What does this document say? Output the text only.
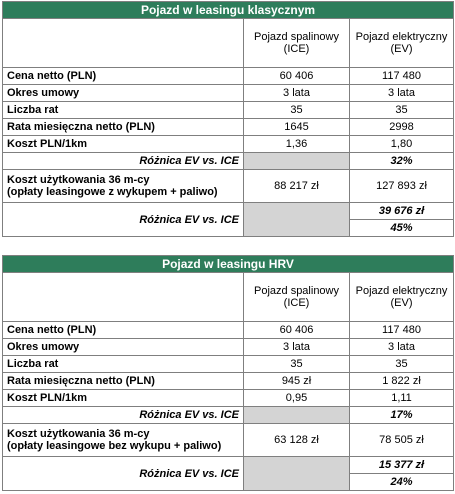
Pojazd w leasingu klasycznym		
	Pojazd spalinowy (ICE)	Pojazd elektryczny (EV)
Cena netto (PLN)	60 406	117 480
Okres umowy	3 lata	3 lata
Liczba rat	35	35
Rata miesięczna netto (PLN)	1645	2998
Koszt PLN/1km	1,36	1,80
Różnica EV vs. ICE		32%

Koszt użytkowania 36 m-cy
(opłaty leasingowe z wykupem + paliwo)	88 217 zł	127 893 zł
Różnica EV vs. ICE		39 676 zł
		45%
Pojazd w leasingu HRV		
	Pojazd spalinowy (ICE)	Pojazd elektryczny (EV)
Cena netto (PLN)	60 406	117 480
Okres umowy	3 lata	3 lata
Liczba rat	35	35
Rata miesięczna netto (PLN)	945 zł	1 822 zł
Koszt PLN/1km	0,95	1,11
Różnica EV vs. ICE		17%

Koszt użytkowania 36 m-cy
(opłaty leasingowe bez wykupu + paliwo)	63 128 zł	78 505 zł
Różnica EV vs. ICE		15 377 zł
		24%
